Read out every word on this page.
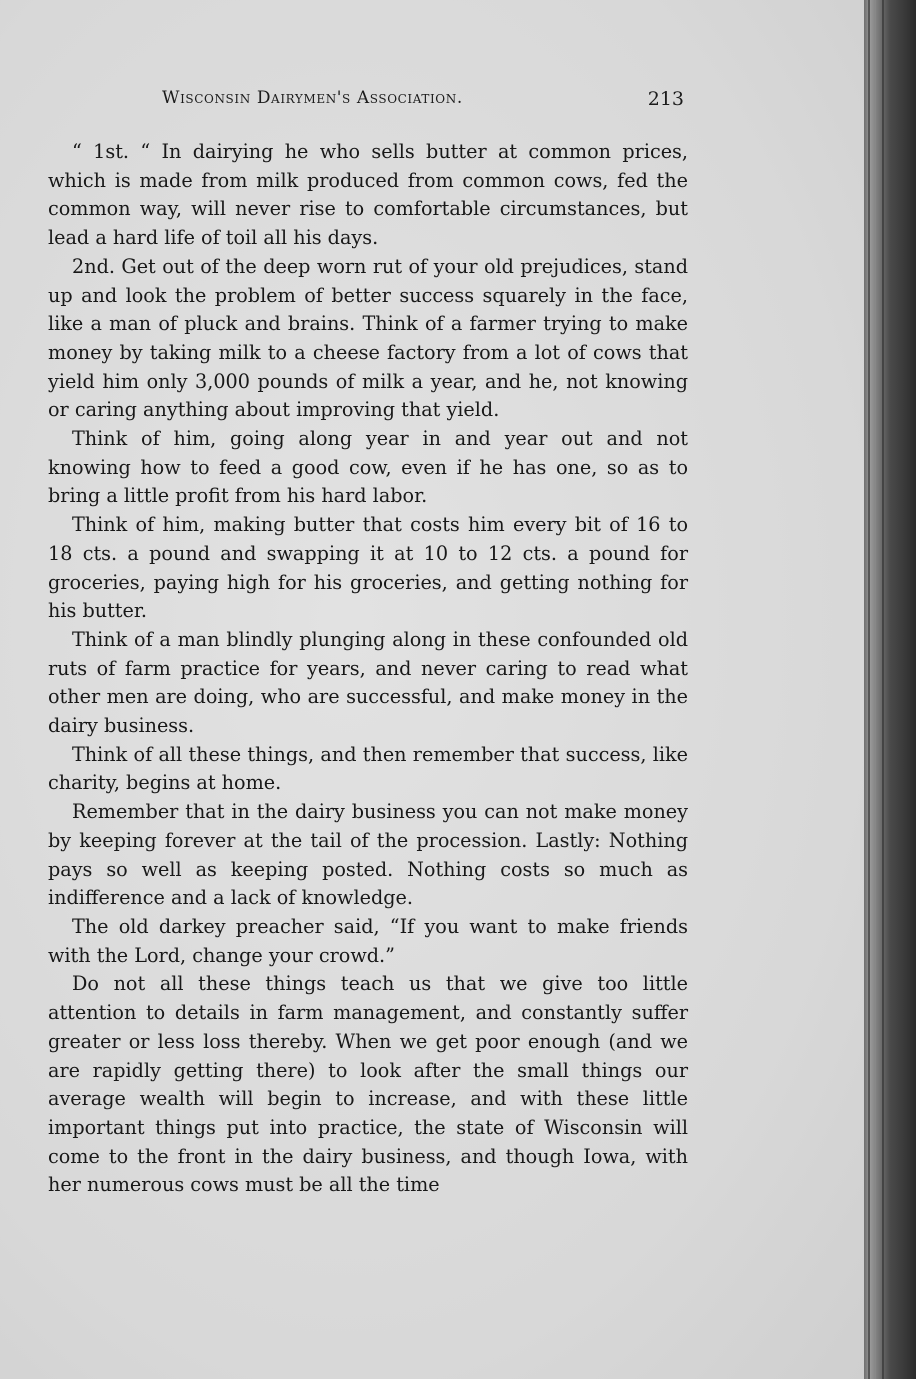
Wisconsin Dairymen's Association.	213

“ 1st. “ In dairying he who sells butter at common prices, which is made from milk produced from common cows, fed the common way, will never rise to comfortable circumstances, but lead a hard life of toil all his days.

2nd. Get out of the deep worn rut of your old prejudices, stand up and look the problem of better success squarely in the face, like a man of pluck and brains. Think of a farmer trying to make money by taking milk to a cheese factory from a lot of cows that yield him only 3,000 pounds of milk a year, and he, not knowing or caring anything about improving that yield.

Think of him, going along year in and year out and not knowing how to feed a good cow, even if he has one, so as to bring a little profit from his hard labor.

Think of him, making butter that costs him every bit of 16 to 18 cts. a pound and swapping it at 10 to 12 cts. a pound for groceries, paying high for his groceries, and getting nothing for his butter.

Think of a man blindly plunging along in these confounded old ruts of farm practice for years, and never caring to read what other men are doing, who are successful, and make money in the dairy business.

Think of all these things, and then remember that success, like charity, begins at home.

Remember that in the dairy business you can not make money by keeping forever at the tail of the procession. Lastly: Nothing pays so well as keeping posted. Nothing costs so much as indifference and a lack of knowledge.

The old darkey preacher said, “If you want to make friends with the Lord, change your crowd.”

Do not all these things teach us that we give too little attention to details in farm management, and constantly suffer greater or less loss thereby. When we get poor enough (and we are rapidly getting there) to look after the small things our average wealth will begin to increase, and with these little important things put into practice, the state of Wisconsin will come to the front in the dairy business, and though Iowa, with her numerous cows must be all the time
